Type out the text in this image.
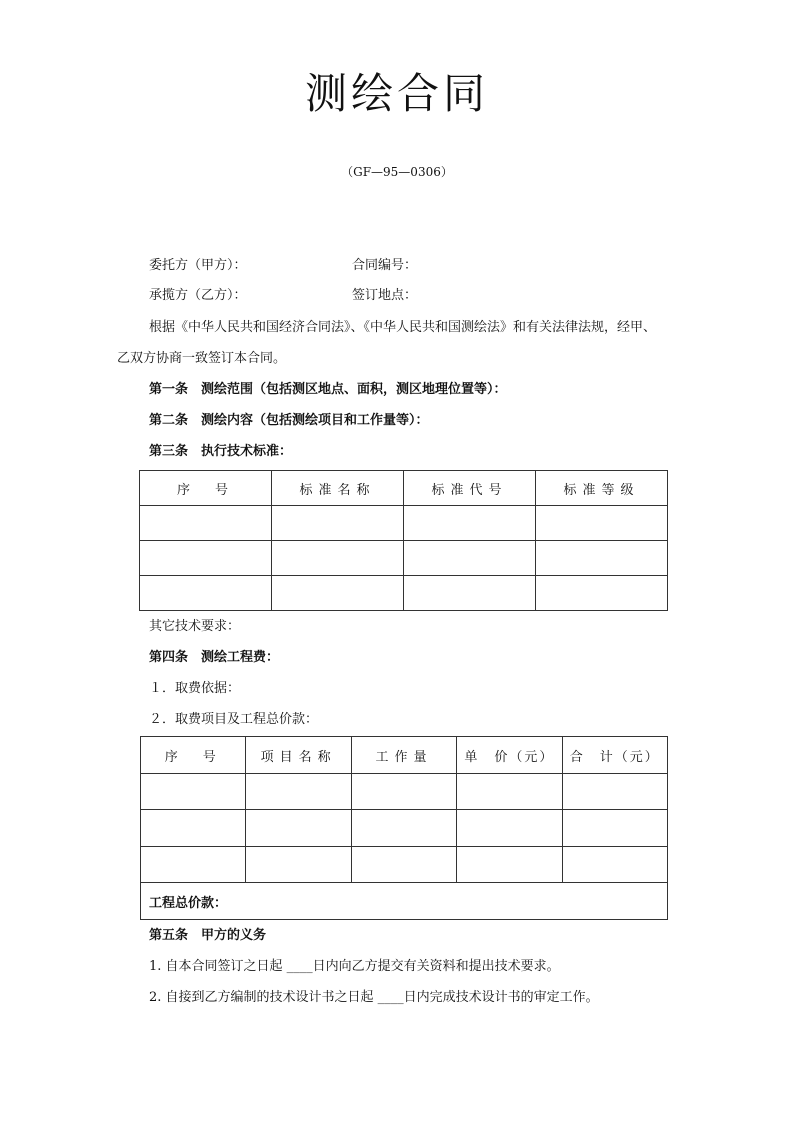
测绘合同
（GF—95—0306）
委托方（甲方）：	合同编号：
承揽方（乙方）：	签订地点：
根据《中华人民共和国经济合同法》、《中华人民共和国测绘法》和有关法律法规，经甲、
乙双方协商一致签订本合同。
第一条　测绘范围（包括测区地点、面积，测区地理位置等）：
第二条　测绘内容（包括测绘项目和工作量等）：
第三条　执行技术标准：
序　号	标准名称	标准代号	标准等级

其它技术要求：
第四条　测绘工程费：
１．取费依据：
２．取费项目及工程总价款：
序　号	项目名称	工作量	单　价（元）	合　计（元）

工程总价款：				
第五条　甲方的义务
1. 自本合同签订之日起 ____日内向乙方提交有关资料和提出技术要求。
2. 自接到乙方编制的技术设计书之日起 ____日内完成技术设计书的审定工作。
